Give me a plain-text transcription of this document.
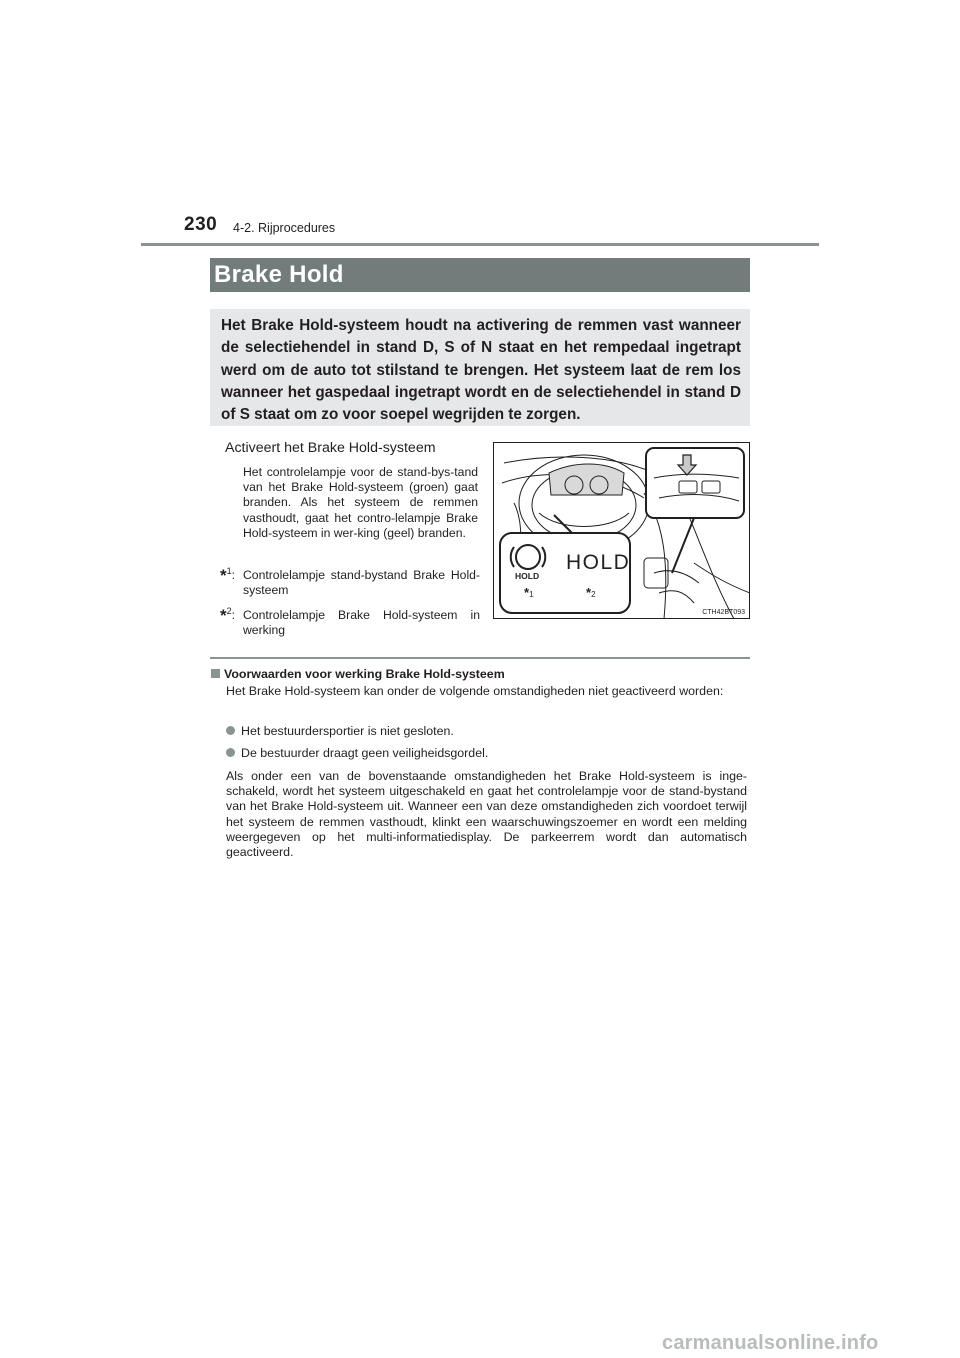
230 4-2. Rijprocedures
Brake Hold
Het Brake Hold-systeem houdt na activering de remmen vast wanneer de selectiehendel in stand D, S of N staat en het rempedaal ingetrapt werd om de auto tot stilstand te brengen. Het systeem laat de rem los wanneer het gaspedaal ingetrapt wordt en de selectiehendel in stand D of S staat om zo voor soepel wegrijden te zorgen.
Activeert het Brake Hold-systeem
Het controlelampje voor de stand-bys-tand van het Brake Hold-systeem (groen) gaat branden. Als het systeem de remmen vasthoudt, gaat het contro-lelampje Brake Hold-systeem in wer-king (geel) branden.
*$^1$: Controlelampje stand-bystand Brake Hold-systeem
*$^2$: Controlelampje Brake Hold-systeem in werking
HOLD
HOLD
*1	*2
CTH42BT093
Voorwaarden voor werking Brake Hold-systeem
Het Brake Hold-systeem kan onder de volgende omstandigheden niet geactiveerd worden:
Het bestuurdersportier is niet gesloten.
De bestuurder draagt geen veiligheidsgordel.
Als onder een van de bovenstaande omstandigheden het Brake Hold-systeem is inge-schakeld, wordt het systeem uitgeschakeld en gaat het controlelampje voor de stand-bystand van het Brake Hold-systeem uit. Wanneer een van deze omstandigheden zich voordoet terwijl het systeem de remmen vasthoudt, klinkt een waarschuwingszoemer en wordt een melding weergegeven op het multi-informatiedisplay. De parkeerrem wordt dan automatisch geactiveerd.
carmanualsonline.info
